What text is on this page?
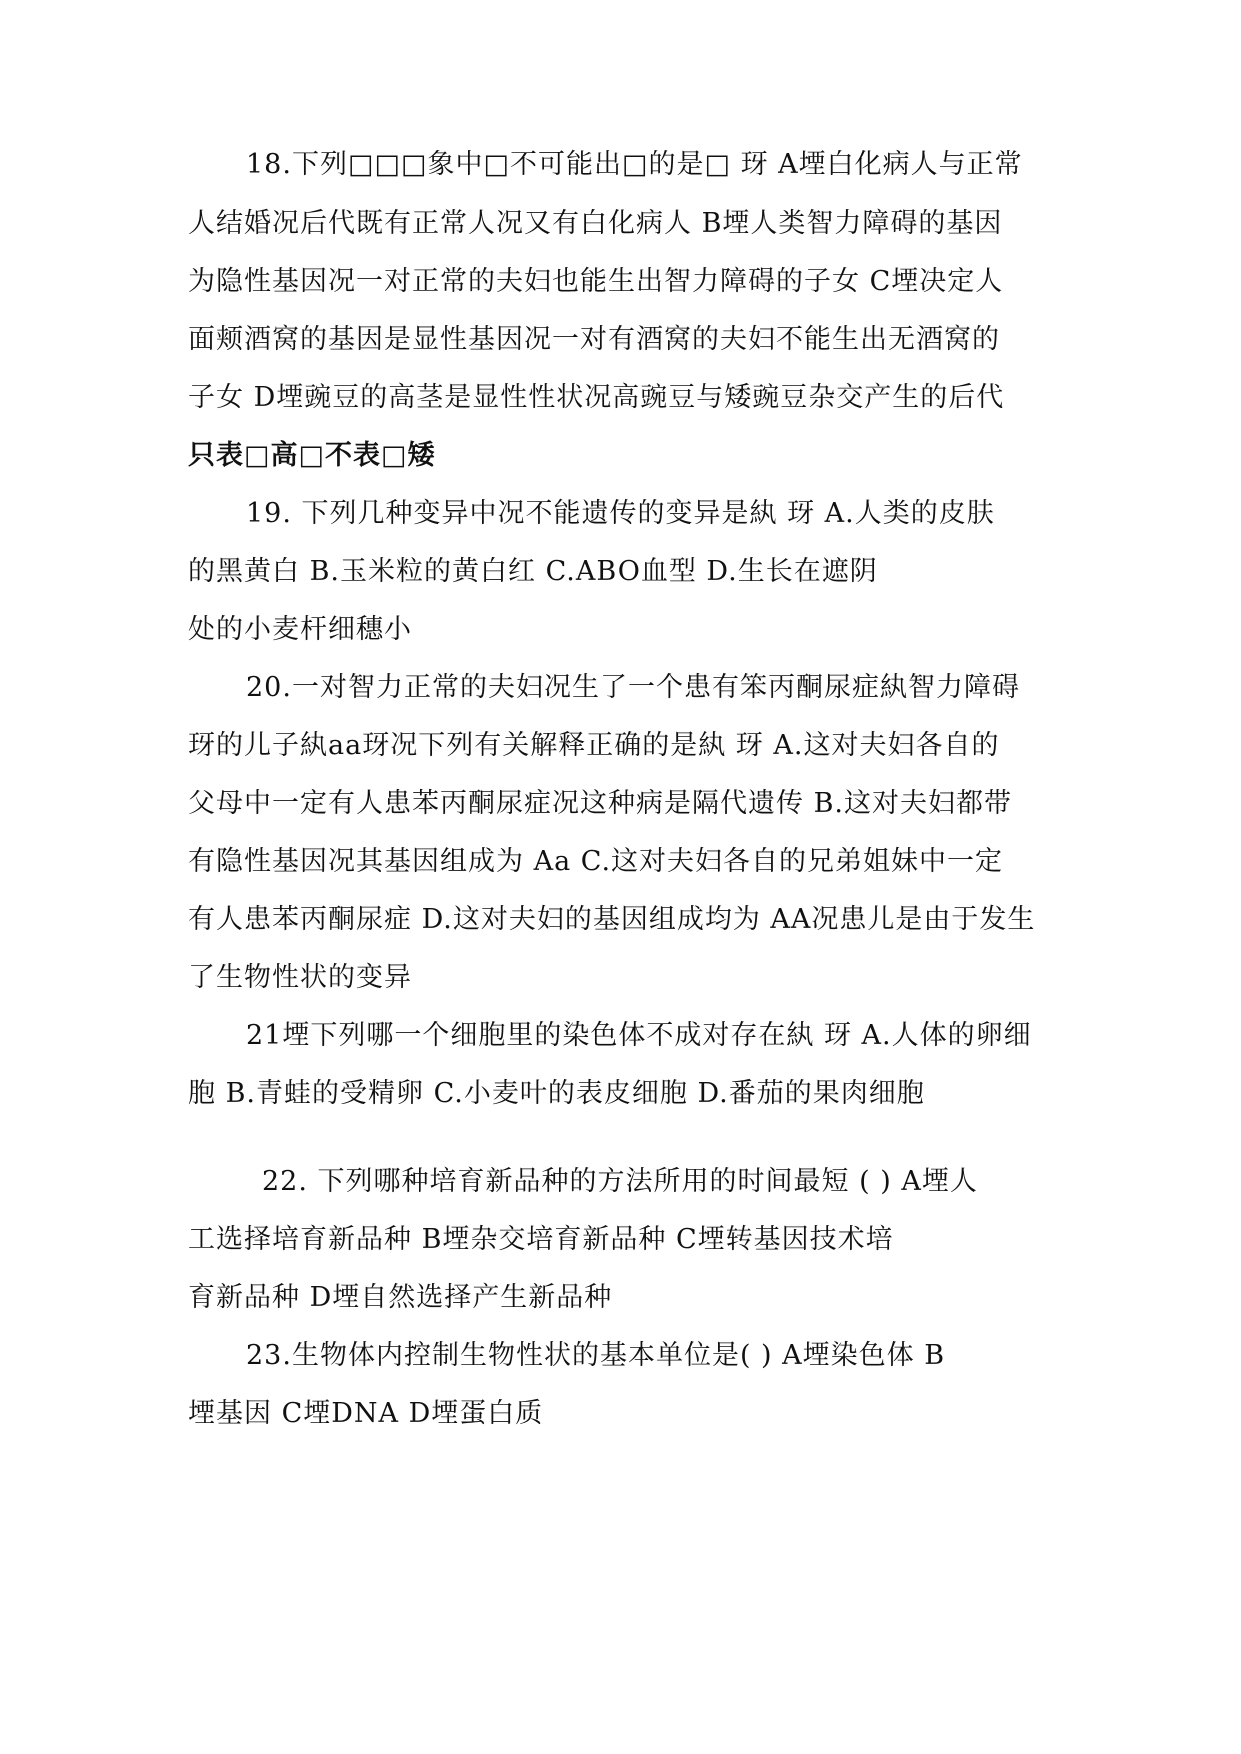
18.下列□□□象中□不可能出□的是□ 玡 A堙白化病人与正常
人结婚况后代既有正常人况又有白化病人 B堙人类智力障碍的基因
为隐性基因况一对正常的夫妇也能生出智力障碍的子女 C堙决定人
面颊酒窝的基因是显性基因况一对有酒窝的夫妇不能生出无酒窝的
子女 D堙豌豆的高茎是显性性状况高豌豆与矮豌豆杂交产生的后代
只表□高□不表□矮
19. 下列几种变异中况不能遗传的变异是紈 玡 A.人类的皮肤
的黑黄白 B.玉米粒的黄白红 C.ABO血型 D.生长在遮阴
处的小麦杆细穗小
20.一对智力正常的夫妇况生了一个患有笨丙酮尿症紈智力障碍
玡的儿子紈aa玡况下列有关解释正确的是紈 玡 A.这对夫妇各自的
父母中一定有人患苯丙酮尿症况这种病是隔代遗传 B.这对夫妇都带
有隐性基因况其基因组成为 Aa C.这对夫妇各自的兄弟姐妹中一定
有人患苯丙酮尿症 D.这对夫妇的基因组成均为 AA况患儿是由于发生
了生物性状的变异
21堙下列哪一个细胞里的染色体不成对存在紈 玡 A.人体的卵细
胞 B.青蛙的受精卵 C.小麦叶的表皮细胞 D.番茄的果肉细胞
22. 下列哪种培育新品种的方法所用的时间最短 ( ) A堙人
工选择培育新品种 B堙杂交培育新品种 C堙转基因技术培
育新品种 D堙自然选择产生新品种
23.生物体内控制生物性状的基本单位是( ) A堙染色体 B
堙基因 C堙DNA D堙蛋白质
